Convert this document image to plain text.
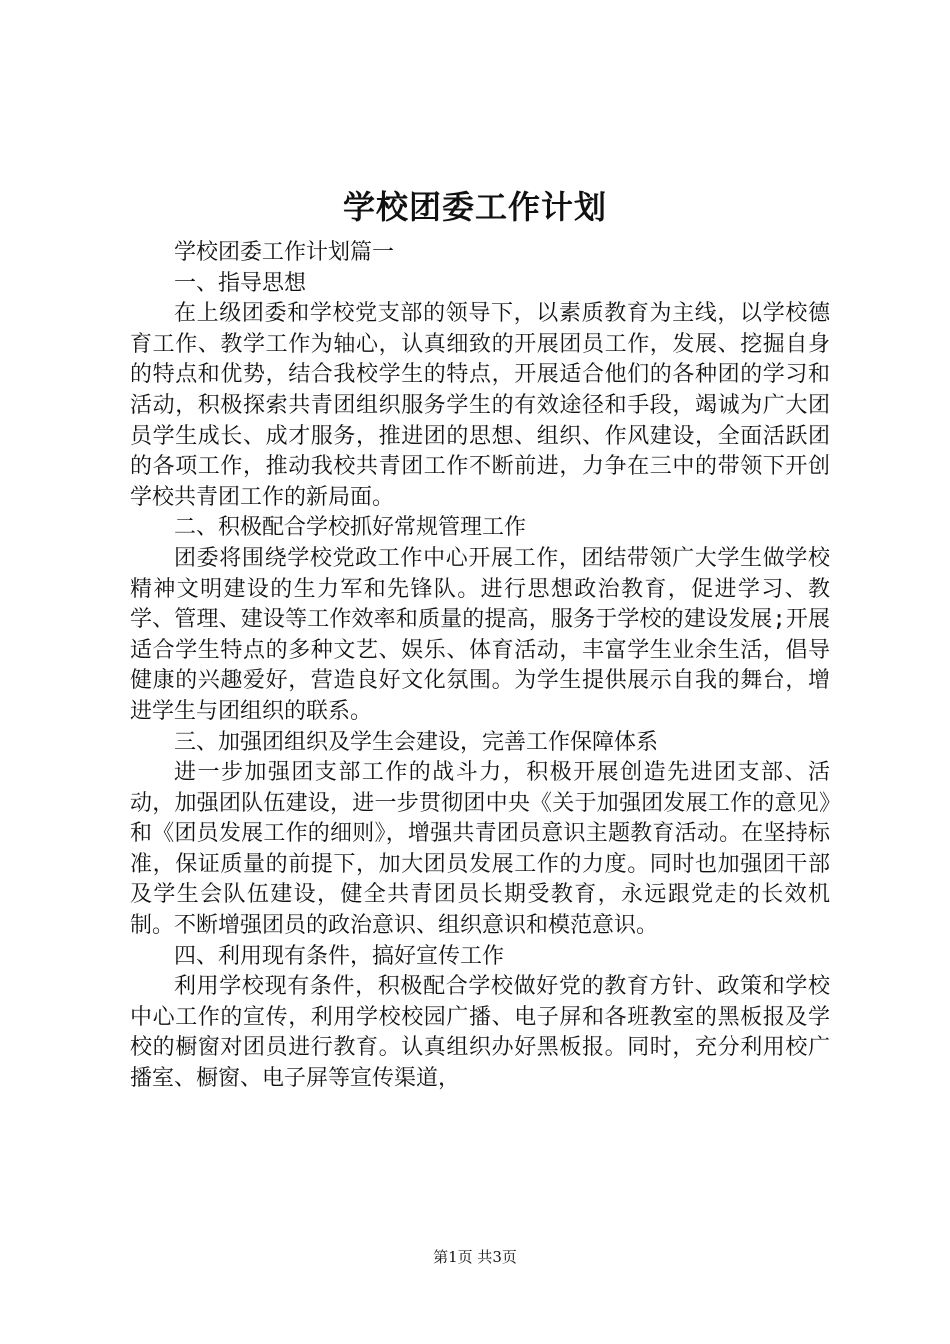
学校团委工作计划

学校团委工作计划篇一

一、指导思想

在上级团委和学校党支部的领导下，以素质教育为主线，以学校德育工作、教学工作为轴心，认真细致的开展团员工作，发展、挖掘自身的特点和优势，结合我校学生的特点，开展适合他们的各种团的学习和活动，积极探索共青团组织服务学生的有效途径和手段，竭诚为广大团员学生成长、成才服务，推进团的思想、组织、作风建设，全面活跃团的各项工作，推动我校共青团工作不断前进，力争在三中的带领下开创学校共青团工作的新局面。

二、积极配合学校抓好常规管理工作

团委将围绕学校党政工作中心开展工作，团结带领广大学生做学校精神文明建设的生力军和先锋队。进行思想政治教育，促进学习、教学、管理、建设等工作效率和质量的提高，服务于学校的建设发展;开展适合学生特点的多种文艺、娱乐、体育活动，丰富学生业余生活，倡导健康的兴趣爱好，营造良好文化氛围。为学生提供展示自我的舞台，增进学生与团组织的联系。

三、加强团组织及学生会建设，完善工作保障体系

进一步加强团支部工作的战斗力，积极开展创造先进团支部、活动，加强团队伍建设，进一步贯彻团中央《关于加强团发展工作的意见》和《团员发展工作的细则》，增强共青团员意识主题教育活动。在坚持标准，保证质量的前提下，加大团员发展工作的力度。同时也加强团干部及学生会队伍建设，健全共青团员长期受教育，永远跟党走的长效机制。不断增强团员的政治意识、组织意识和模范意识。

四、利用现有条件，搞好宣传工作

利用学校现有条件，积极配合学校做好党的教育方针、政策和学校中心工作的宣传，利用学校校园广播、电子屏和各班教室的黑板报及学校的橱窗对团员进行教育。认真组织办好黑板报。同时，充分利用校广播室、橱窗、电子屏等宣传渠道，

第1页 共3页
